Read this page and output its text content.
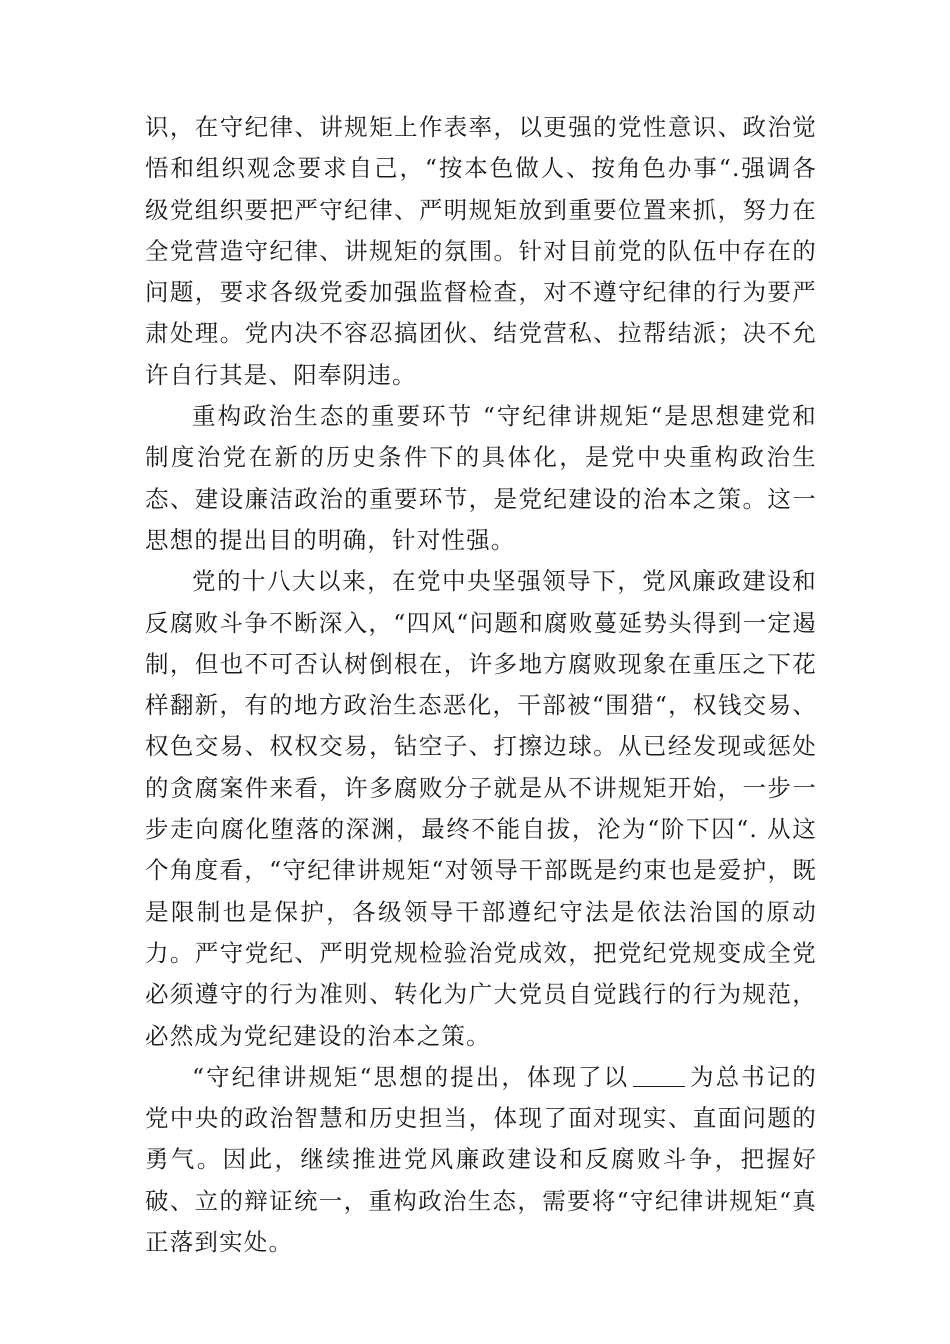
识，在守纪律、讲规矩上作表率，以更强的党性意识、政治觉悟和组织观念要求自己，“按本色做人、按角色办事“.强调各级党组织要把严守纪律、严明规矩放到重要位置来抓，努力在全党营造守纪律、讲规矩的氛围。针对目前党的队伍中存在的问题，要求各级党委加强监督检查，对不遵守纪律的行为要严肃处理。党内决不容忍搞团伙、结党营私、拉帮结派；决不允许自行其是、阳奉阴违。

重构政治生态的重要环节 “守纪律讲规矩“是思想建党和制度治党在新的历史条件下的具体化，是党中央重构政治生态、建设廉洁政治的重要环节，是党纪建设的治本之策。这一思想的提出目的明确，针对性强。

党的十八大以来，在党中央坚强领导下，党风廉政建设和反腐败斗争不断深入，“四风“问题和腐败蔓延势头得到一定遏制，但也不可否认树倒根在，许多地方腐败现象在重压之下花样翻新，有的地方政治生态恶化，干部被“围猎“，权钱交易、权色交易、权权交易，钻空子、打擦边球。从已经发现或惩处的贪腐案件来看，许多腐败分子就是从不讲规矩开始，一步一步走向腐化堕落的深渊，最终不能自拔，沦为“阶下囚“. 从这个角度看，“守纪律讲规矩“对领导干部既是约束也是爱护，既是限制也是保护，各级领导干部遵纪守法是依法治国的原动力。严守党纪、严明党规检验治党成效，把党纪党规变成全党必须遵守的行为准则、转化为广大党员自觉践行的行为规范，必然成为党纪建设的治本之策。

“守纪律讲规矩“思想的提出，体现了以	为总书记的党中央的政治智慧和历史担当，体现了面对现实、直面问题的勇气。因此，继续推进党风廉政建设和反腐败斗争，把握好破、立的辩证统一，重构政治生态，需要将“守纪律讲规矩“真正落到实处。
